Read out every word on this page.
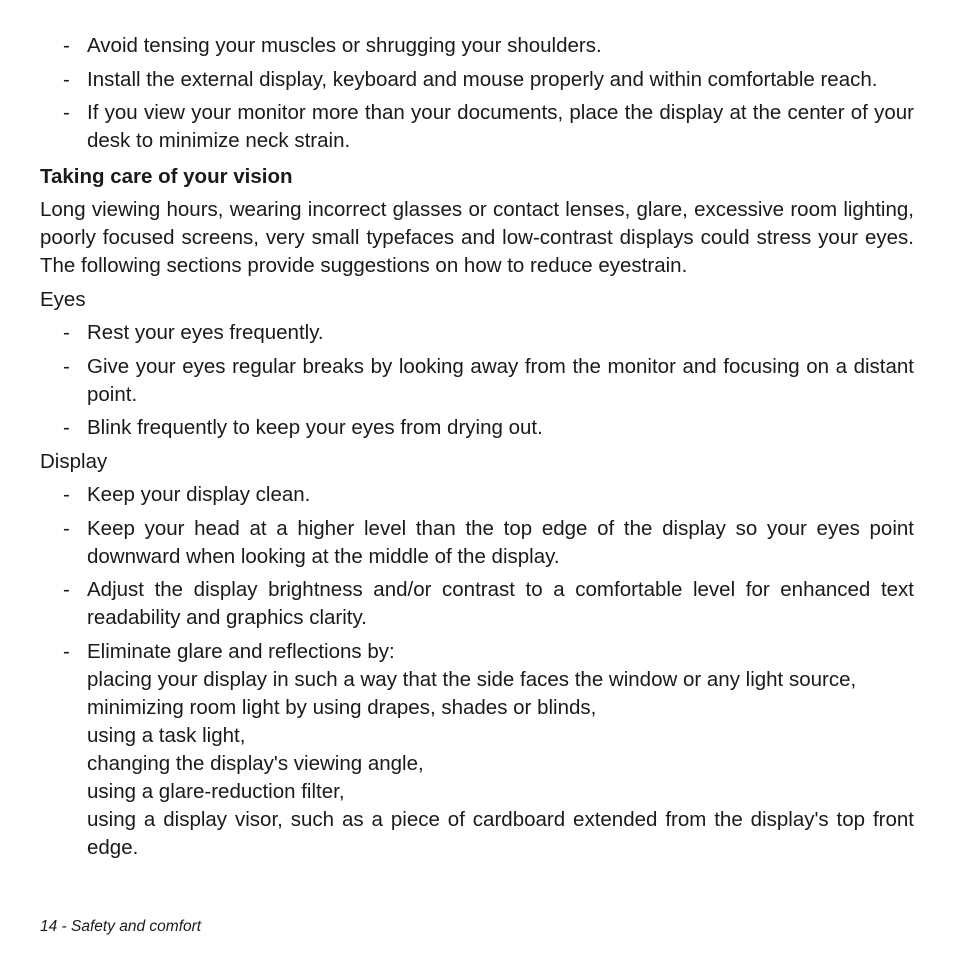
- Avoid tensing your muscles or shrugging your shoulders.
- Install the external display, keyboard and mouse properly and within comfortable reach.
- If you view your monitor more than your documents, place the display at the center of your desk to minimize neck strain.
Taking care of your vision

Long viewing hours, wearing incorrect glasses or contact lenses, glare, excessive room lighting, poorly focused screens, very small typefaces and low-contrast displays could stress your eyes. The following sections provide suggestions on how to reduce eyestrain.

Eyes
- Rest your eyes frequently.
- Give your eyes regular breaks by looking away from the monitor and focusing on a distant point.
- Blink frequently to keep your eyes from drying out.
Display
- Keep your display clean.
- Keep your head at a higher level than the top edge of the display so your eyes point downward when looking at the middle of the display.
- Adjust the display brightness and/or contrast to a comfortable level for enhanced text readability and graphics clarity.
- Eliminate glare and reflections by:
placing your display in such a way that the side faces the window or any light source,
minimizing room light by using drapes, shades or blinds,
using a task light,
changing the display's viewing angle,
using a glare-reduction filter,
using a display visor, such as a piece of cardboard extended from the display's top front edge.
14 - Safety and comfort
